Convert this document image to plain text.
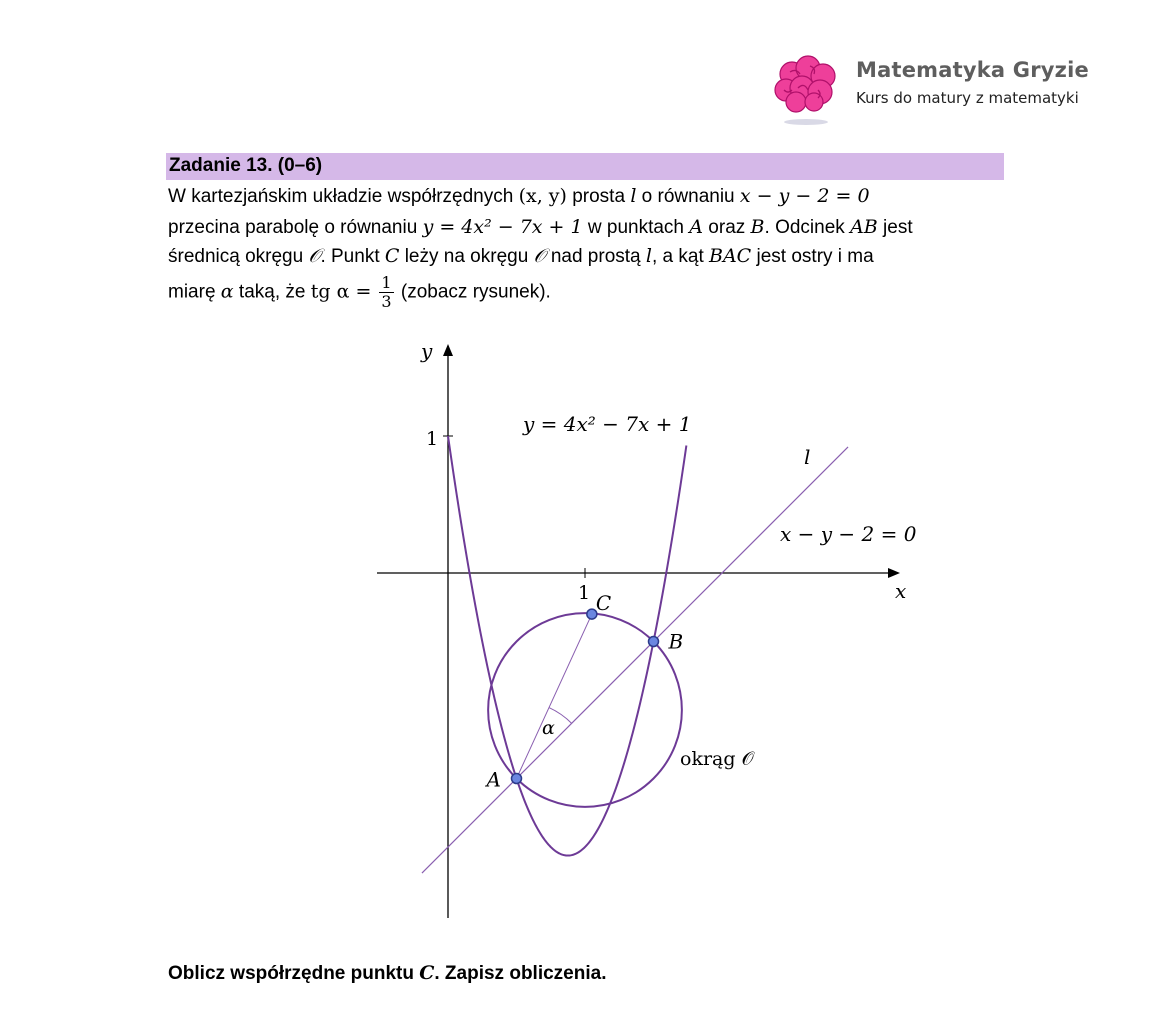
Matematyka Gryzie
Kurs do matury z matematyki
Zadanie 13. (0–6)
W kartezjańskim układzie współrzędnych (x, y) prosta l o równaniu x − y − 2 = 0
przecina parabolę o równaniu y = 4x² − 7x + 1 w punktach A oraz B. Odcinek AB jest
średnicą okręgu 𝒪. Punkt C leży na okręgu 𝒪 nad prostą l, a kąt BAC jest ostry i ma
miarę α taką, że tg $\alpha = \frac{1}{3}$ (zobacz rysunek).
y
x
1
1
A
B
C
α
y = 4x² − 7x + 1
l
x − y − 2 = 0
okrąg 𝒪
Oblicz współrzędne punktu C. Zapisz obliczenia.
